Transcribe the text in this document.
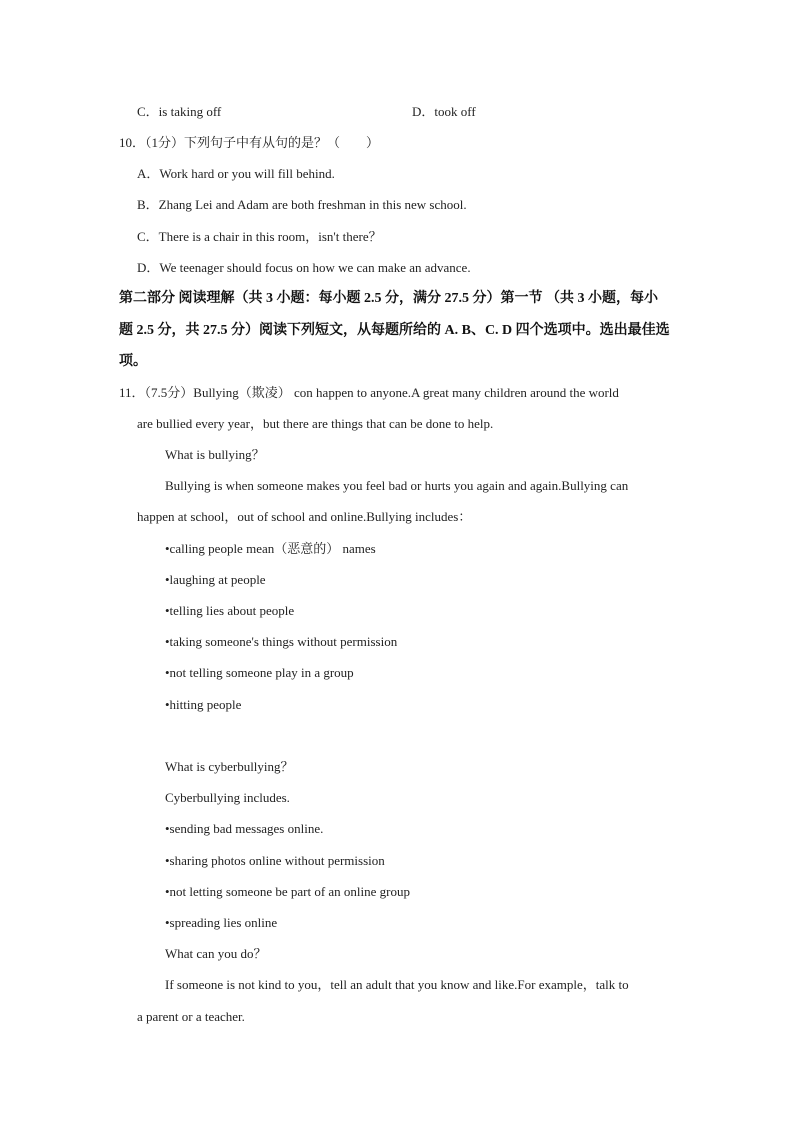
C．is taking off	D．took off
10．（1分）下列句子中有从句的是？（　　）
A．Work hard or you will fill behind.
B．Zhang Lei and Adam are both freshman in this new school.
C．There is a chair in this room，isn't there？
D．We teenager should focus on how we can make an advance.
第二部分 阅读理解（共 3 小题：每小题 2.5 分，满分 27.5 分）第一节 （共 3 小题，每小
题 2.5 分，共 27.5 分）阅读下列短文，从每题所给的 A. B、C. D 四个选项中。选出最佳选
项。
11．（7.5分）Bullying（欺凌） con happen to anyone.A great many children around the world
are bullied every year，but there are things that can be done to help.
What is bullying？
Bullying is when someone makes you feel bad or hurts you again and again.Bullying can
happen at school，out of school and online.Bullying includes：
•calling people mean（恶意的） names
•laughing at people
•telling lies about people
•taking someone's things without permission
•not telling someone play in a group
•hitting people
What is cyberbullying？
Cyberbullying includes.
•sending bad messages online.
•sharing photos online without permission
•not letting someone be part of an online group
•spreading lies online
What can you do？
If someone is not kind to you，tell an adult that you know and like.For example，talk to
a parent or a teacher.
